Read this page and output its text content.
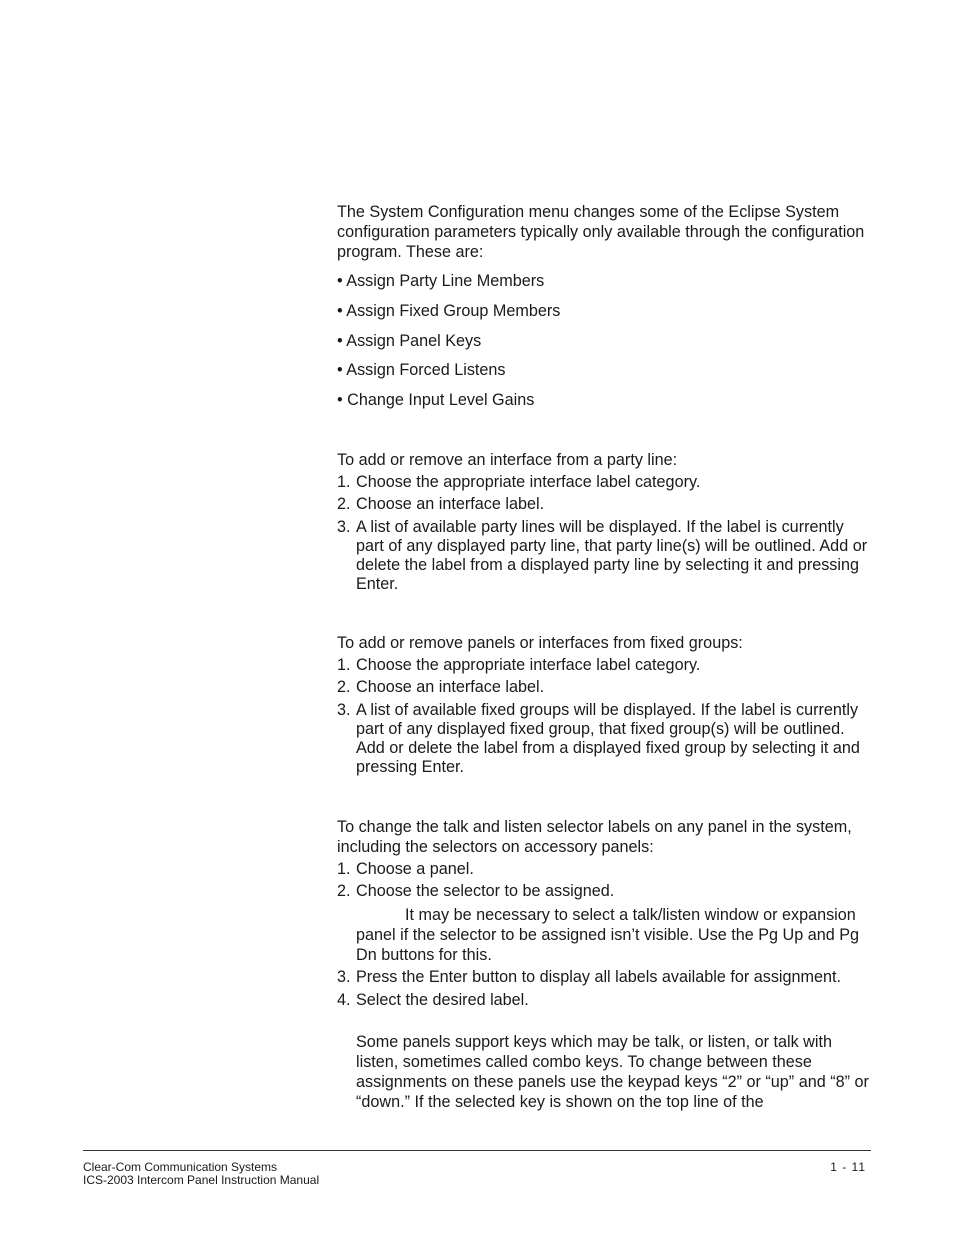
The System Configuration menu changes some of the Eclipse System configuration parameters typically only available through the configuration program. These are:

• Assign Party Line Members
• Assign Fixed Group Members
• Assign Panel Keys
• Assign Forced Listens
• Change Input Level Gains

To add or remove an interface from a party line:

1. Choose the appropriate interface label category.
2. Choose an interface label.
3. A list of available party lines will be displayed. If the label is currently part of any displayed party line, that party line(s) will be outlined. Add or delete the label from a displayed party line by selecting it and pressing Enter.

To add or remove panels or interfaces from fixed groups:

1. Choose the appropriate interface label category.
2. Choose an interface label.
3. A list of available fixed groups will be displayed. If the label is currently part of any displayed fixed group, that fixed group(s) will be outlined. Add or delete the label from a displayed fixed group by selecting it and pressing Enter.

To change the talk and listen selector labels on any panel in the system, including the selectors on accessory panels:

1. Choose a panel.
2. Choose the selector to be assigned.

It may be necessary to select a talk/listen window or expansion panel if the selector to be assigned isn’t visible. Use the Pg Up and Pg Dn buttons for this.

3. Press the Enter button to display all labels available for assignment.
4. Select the desired label.

Some panels support keys which may be talk, or listen, or talk with listen, sometimes called combo keys. To change between these assignments on these panels use the keypad keys “2” or “up” and “8” or “down.” If the selected key is shown on the top line of the

Clear-Com Communication Systems
ICS-2003 Intercom Panel Instruction Manual
1 - 11
